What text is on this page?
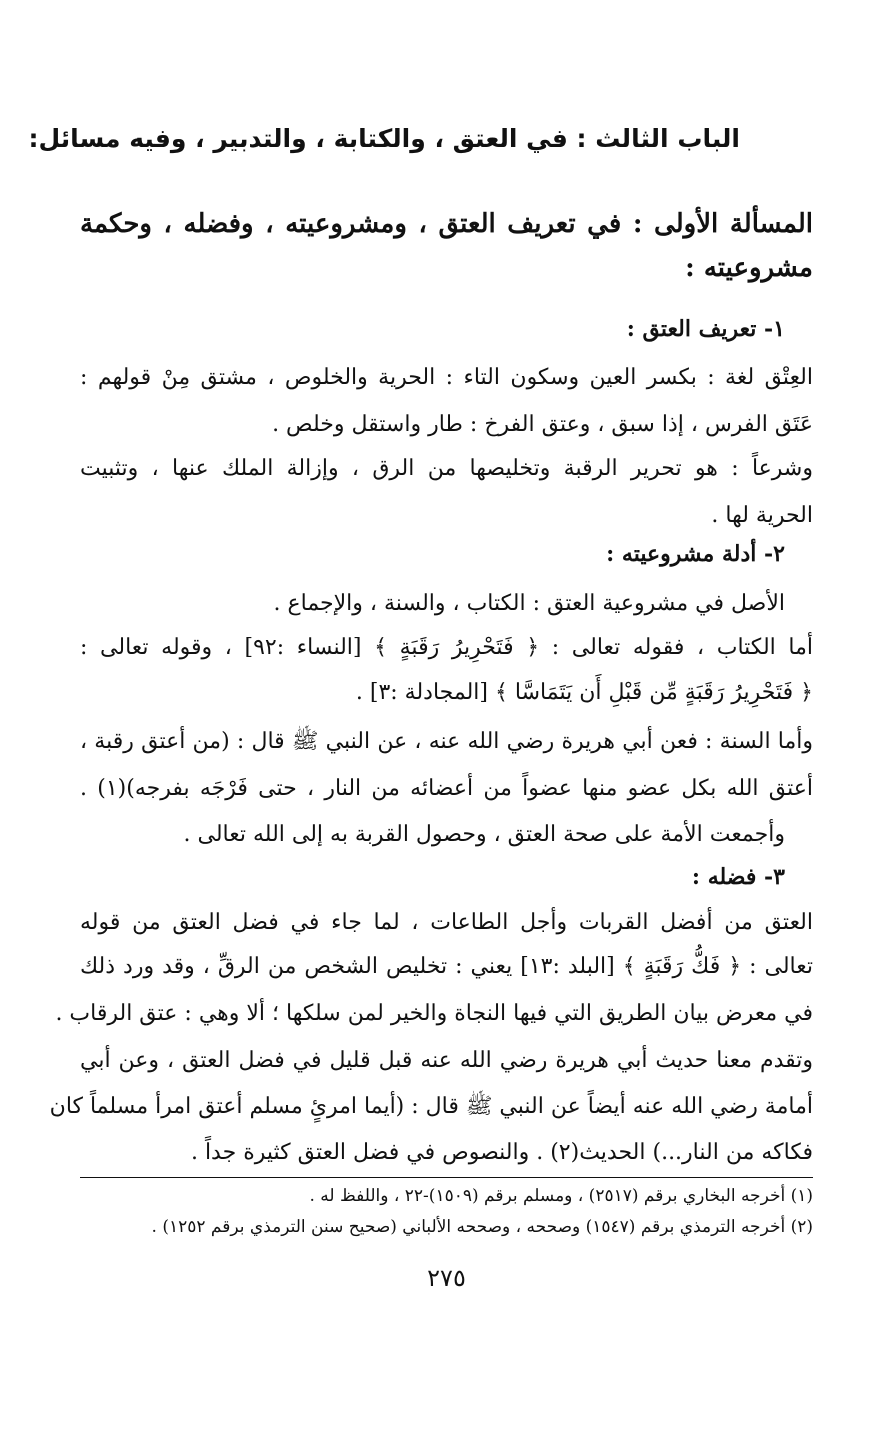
الباب الثالث : في العتق ، والكتابة ، والتدبير ، وفيه مسائل:
المسألة الأولى : في تعريف العتق ، ومشروعيته ، وفضله ، وحكمة
مشروعيته :
١- تعريف العتق :
العِتْق لغة : بكسر العين وسكون التاء : الحرية والخلوص ، مشتق مِنْ قولهم :
عَتَق الفرس ، إذا سبق ، وعتق الفرخ : طار واستقل وخلص .
وشرعاً : هو تحرير الرقبة وتخليصها من الرق ، وإزالة الملك عنها ، وتثبيت
الحرية لها .
٢- أدلة مشروعيته :
الأصل في مشروعية العتق : الكتاب ، والسنة ، والإجماع .
أما الكتاب ، فقوله تعالى : ﴿ فَتَحْرِيرُ رَقَبَةٍ ﴾ [النساء :٩٢] ، وقوله تعالى :
﴿ فَتَحْرِيرُ رَقَبَةٍ مِّن قَبْلِ أَن يَتَمَاسَّا ﴾ [المجادلة :٣] .
وأما السنة : فعن أبي هريرة رضي الله عنه ، عن النبي ﷺ قال : (من أعتق رقبة ،
أعتق الله بكل عضو منها عضواً من أعضائه من النار ، حتى فَرْجَه بفرجه)(١) .
وأجمعت الأمة على صحة العتق ، وحصول القربة به إلى الله تعالى .
٣- فضله :
العتق من أفضل القربات وأجل الطاعات ، لما جاء في فضل العتق من قوله
تعالى : ﴿ فَكُّ رَقَبَةٍ ﴾ [البلد :١٣] يعني : تخليص الشخص من الرقِّ ، وقد ورد ذلك
في معرض بيان الطريق التي فيها النجاة والخير لمن سلكها ؛ ألا وهي : عتق الرقاب .
وتقدم معنا حديث أبي هريرة رضي الله عنه قبل قليل في فضل العتق ، وعن أبي
أمامة رضي الله عنه أيضاً عن النبي ﷺ قال : (أيما امرئٍ مسلم أعتق امرأ مسلماً كان
فكاكه من النار...) الحديث(٢) . والنصوص في فضل العتق كثيرة جداً .
(١) أخرجه البخاري برقم (٢٥١٧) ، ومسلم برقم (١٥٠٩)-٢٢ ، واللفظ له .
(٢) أخرجه الترمذي برقم (١٥٤٧) وصححه ، وصححه الألباني (صحيح سنن الترمذي برقم ١٢٥٢) .
٢٧٥
